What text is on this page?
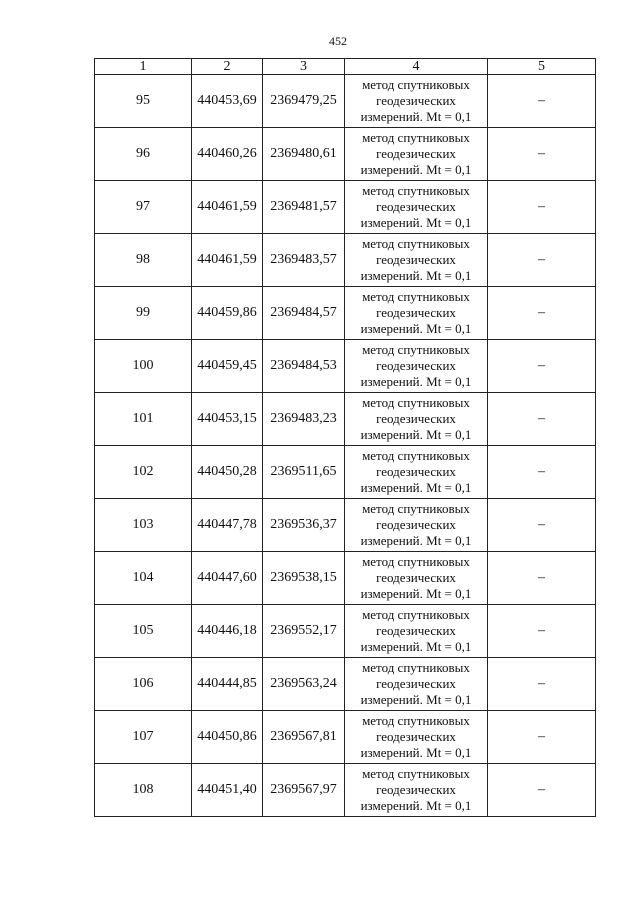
452
1	2	3	4	5
95	440453,69	2369479,25	метод спутниковых
геодезических
измерений. Mt = 0,1	–
96	440460,26	2369480,61	метод спутниковых
геодезических
измерений. Mt = 0,1	–
97	440461,59	2369481,57	метод спутниковых
геодезических
измерений. Mt = 0,1	–
98	440461,59	2369483,57	метод спутниковых
геодезических
измерений. Mt = 0,1	–
99	440459,86	2369484,57	метод спутниковых
геодезических
измерений. Mt = 0,1	–
100	440459,45	2369484,53	метод спутниковых
геодезических
измерений. Mt = 0,1	–
101	440453,15	2369483,23	метод спутниковых
геодезических
измерений. Mt = 0,1	–
102	440450,28	2369511,65	метод спутниковых
геодезических
измерений. Mt = 0,1	–
103	440447,78	2369536,37	метод спутниковых
геодезических
измерений. Mt = 0,1	–
104	440447,60	2369538,15	метод спутниковых
геодезических
измерений. Mt = 0,1	–
105	440446,18	2369552,17	метод спутниковых
геодезических
измерений. Mt = 0,1	–
106	440444,85	2369563,24	метод спутниковых
геодезических
измерений. Mt = 0,1	–
107	440450,86	2369567,81	метод спутниковых
геодезических
измерений. Mt = 0,1	–
108	440451,40	2369567,97	метод спутниковых
геодезических
измерений. Mt = 0,1	–
